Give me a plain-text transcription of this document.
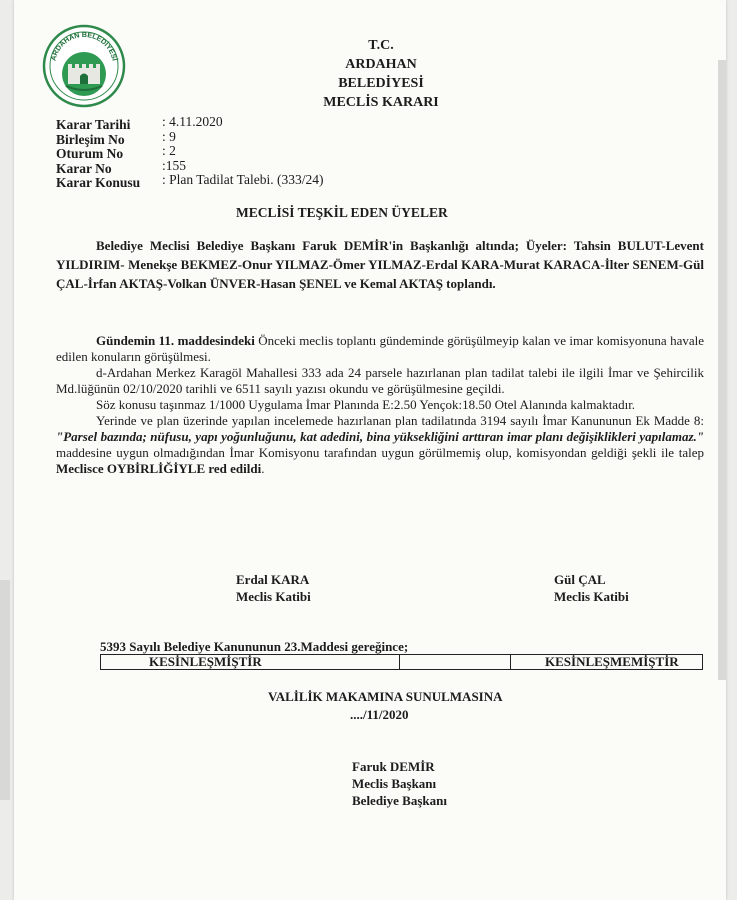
ARDAHAN BELEDİYESİ
T.C.
ARDAHAN BELEDİYESİ
MECLİS KARARI
Karar Tarihi : 4.11.2020
Birleşim No	: 9
Oturum No	: 2
Karar No	:155
Karar Konusu : Plan Tadilat Talebi. (333/24)
MECLİSİ TEŞKİL EDEN ÜYELER

Belediye Meclisi Belediye Başkanı Faruk DEMİR'in Başkanlığı altında; Üyeler: Tahsin BULUT-Levent YILDIRIM- Menekşe BEKMEZ-Onur YILMAZ-Ömer YILMAZ-Erdal KARA-Murat KARACA-İlter SENEM-Gül ÇAL-İrfan AKTAŞ-Volkan ÜNVER-Hasan ŞENEL ve Kemal AKTAŞ toplandı.

Gündemin 11. maddesindeki Önceki meclis toplantı gündeminde görüşülmeyip kalan ve imar komisyonuna havale edilen konuların görüşülmesi.

d-Ardahan Merkez Karagöl Mahallesi 333 ada 24 parsele hazırlanan plan tadilat talebi ile ilgili İmar ve Şehircilik Md.lüğünün 02/10/2020 tarihli ve 6511 sayılı yazısı okundu ve görüşülmesine geçildi.

Söz konusu taşınmaz 1/1000 Uygulama İmar Planında E:2.50 Yençok:18.50 Otel Alanında kalmaktadır.

Yerinde ve plan üzerinde yapılan incelemede hazırlanan plan tadilatında 3194 sayılı İmar Kanununun Ek Madde 8: "Parsel bazında; nüfusu, yapı yoğunluğunu, kat adedini, bina yüksekliğini arttıran imar planı değişiklikleri yapılamaz." maddesine uygun olmadığından İmar Komisyonu tarafından uygun görülmemiş olup, komisyondan geldiği şekli ile talep Meclisce OYBİRLİĞİYLE red edildi.

Erdal KARA
Meclis Katibi
Gül ÇAL
Meclis Katibi
5393 Sayılı Belediye Kanununun 23.Maddesi gereğince;
KESİNLEŞMİŞTİR		KESİNLEŞMEMİŞTİR
VALİLİK MAKAMINA SUNULMASINA
..../11/2020
Faruk DEMİR
Meclis Başkanı
Belediye Başkanı
